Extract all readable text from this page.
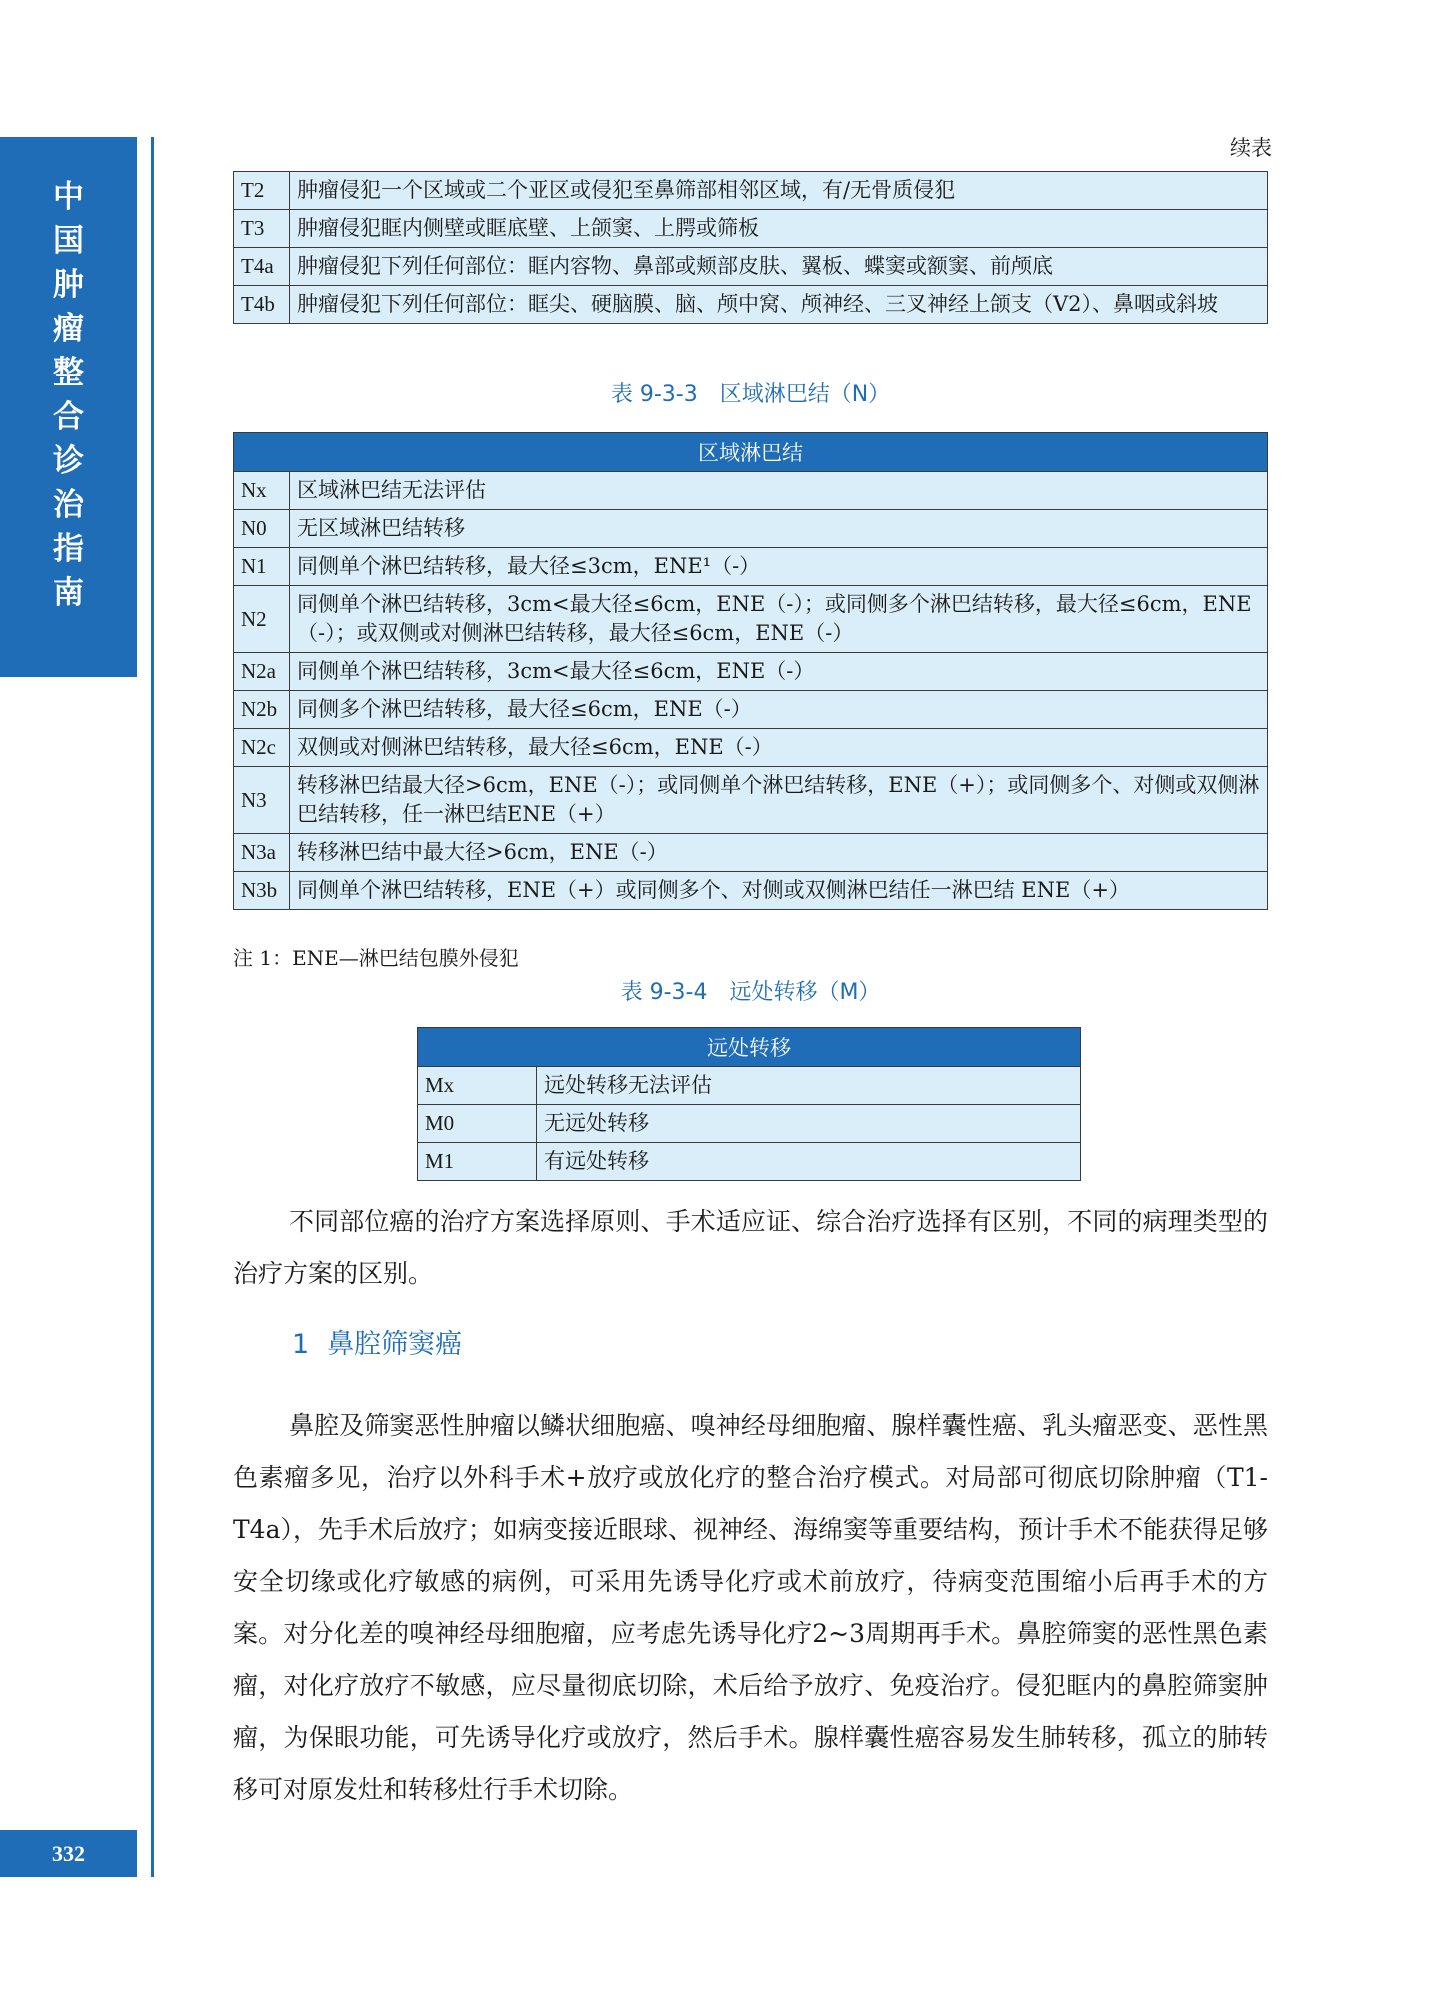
中
国
肿
瘤
整
合
诊
治
指
南
332
续表
T2	肿瘤侵犯一个区域或二个亚区或侵犯至鼻筛部相邻区域，有/无骨质侵犯
T3	肿瘤侵犯眶内侧壁或眶底壁、上颌窦、上腭或筛板
T4a	肿瘤侵犯下列任何部位：眶内容物、鼻部或颊部皮肤、翼板、蝶窦或额窦、前颅底
T4b	肿瘤侵犯下列任何部位：眶尖、硬脑膜、脑、颅中窝、颅神经、三叉神经上颌支（V2）、鼻咽或斜坡
表 9-3-3　区域淋巴结（N）
区域淋巴结	
Nx	区域淋巴结无法评估
N0	无区域淋巴结转移
N1	同侧单个淋巴结转移，最大径≤3cm，ENE¹（-）
N2	同侧单个淋巴结转移，3cm<最大径≤6cm，ENE（-）；或同侧多个淋巴结转移，最大径≤6cm，ENE（-）；或双侧或对侧淋巴结转移，最大径≤6cm，ENE（-）
N2a	同侧单个淋巴结转移，3cm<最大径≤6cm，ENE（-）
N2b	同侧多个淋巴结转移，最大径≤6cm，ENE（-）
N2c	双侧或对侧淋巴结转移，最大径≤6cm，ENE（-）
N3	转移淋巴结最大径>6cm，ENE（-）；或同侧单个淋巴结转移，ENE（+）；或同侧多个、对侧或双侧淋巴结转移，任一淋巴结ENE（+）
N3a	转移淋巴结中最大径>6cm，ENE（-）
N3b	同侧单个淋巴结转移，ENE（+）或同侧多个、对侧或双侧淋巴结任一淋巴结 ENE（+）
注 1：ENE—淋巴结包膜外侵犯
表 9-3-4　远处转移（M）
远处转移	
Mx	远处转移无法评估
M0	无远处转移
M1	有远处转移

不同部位癌的治疗方案选择原则、手术适应证、综合治疗选择有区别，不同的病理类型的治疗方案的区别。

1 鼻腔筛窦癌

鼻腔及筛窦恶性肿瘤以鳞状细胞癌、嗅神经母细胞瘤、腺样囊性癌、乳头瘤恶变、恶性黑色素瘤多见，治疗以外科手术+放疗或放化疗的整合治疗模式。对局部可彻底切除肿瘤（T1-T4a），先手术后放疗；如病变接近眼球、视神经、海绵窦等重要结构，预计手术不能获得足够安全切缘或化疗敏感的病例，可采用先诱导化疗或术前放疗，待病变范围缩小后再手术的方案。对分化差的嗅神经母细胞瘤，应考虑先诱导化疗2~3周期再手术。鼻腔筛窦的恶性黑色素瘤，对化疗放疗不敏感，应尽量彻底切除，术后给予放疗、免疫治疗。侵犯眶内的鼻腔筛窦肿瘤，为保眼功能，可先诱导化疗或放疗，然后手术。腺样囊性癌容易发生肺转移，孤立的肺转移可对原发灶和转移灶行手术切除。
